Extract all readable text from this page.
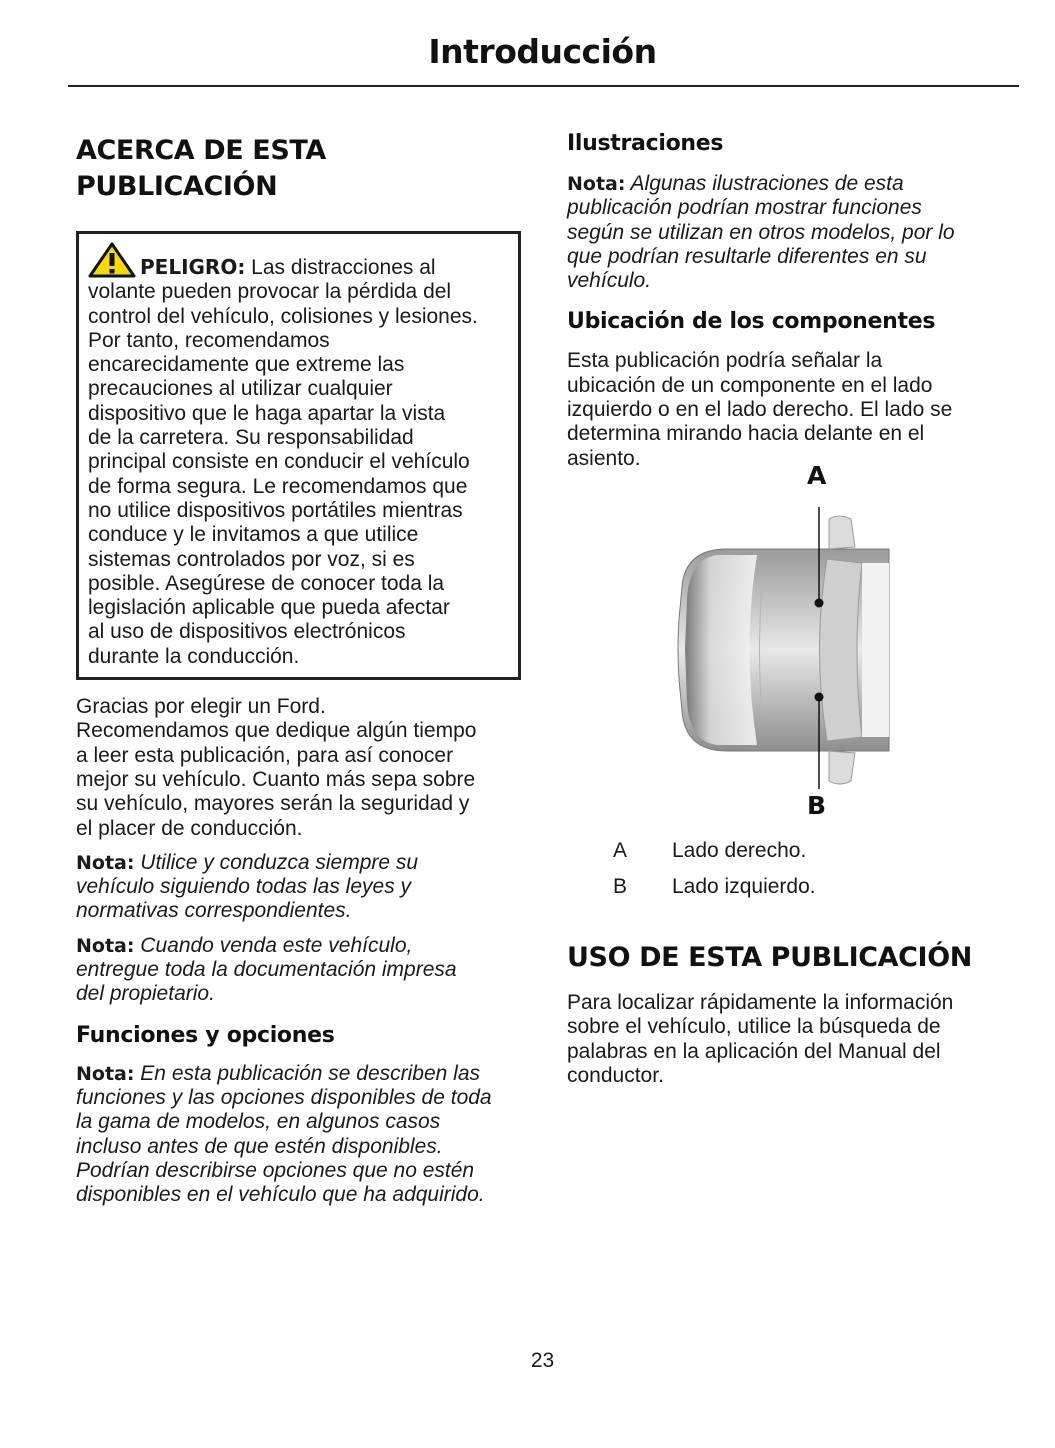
Introducción
ACERCA DE ESTA
PUBLICACIÓN

PELIGRO: Las distracciones al
volante pueden provocar la pérdida del
control del vehículo, colisiones y lesiones.
Por tanto, recomendamos
encarecidamente que extreme las
precauciones al utilizar cualquier
dispositivo que le haga apartar la vista
de la carretera. Su responsabilidad
principal consiste en conducir el vehículo
de forma segura. Le recomendamos que
no utilice dispositivos portátiles mientras
conduce y le invitamos a que utilice
sistemas controlados por voz, si es
posible. Asegúrese de conocer toda la
legislación aplicable que pueda afectar
al uso de dispositivos electrónicos
durante la conducción.

Gracias por elegir un Ford.
Recomendamos que dedique algún tiempo
a leer esta publicación, para así conocer
mejor su vehículo. Cuanto más sepa sobre
su vehículo, mayores serán la seguridad y
el placer de conducción.

Nota: Utilice y conduzca siempre su
vehículo siguiendo todas las leyes y
normativas correspondientes.

Nota: Cuando venda este vehículo,
entregue toda la documentación impresa
del propietario.

Funciones y opciones

Nota: En esta publicación se describen las
funciones y las opciones disponibles de toda
la gama de modelos, en algunos casos
incluso antes de que estén disponibles.
Podrían describirse opciones que no estén
disponibles en el vehículo que ha adquirido.

Ilustraciones

Nota: Algunas ilustraciones de esta
publicación podrían mostrar funciones
según se utilizan en otros modelos, por lo
que podrían resultarle diferentes en su
vehículo.

Ubicación de los componentes

Esta publicación podría señalar la
ubicación de un componente en el lado
izquierdo o en el lado derecho. El lado se
determina mirando hacia delante en el
asiento.

A
B
A Lado derecho.
B Lado izquierdo.
USO DE ESTA PUBLICACIÓN

Para localizar rápidamente la información
sobre el vehículo, utilice la búsqueda de
palabras en la aplicación del Manual del
conductor.

23
